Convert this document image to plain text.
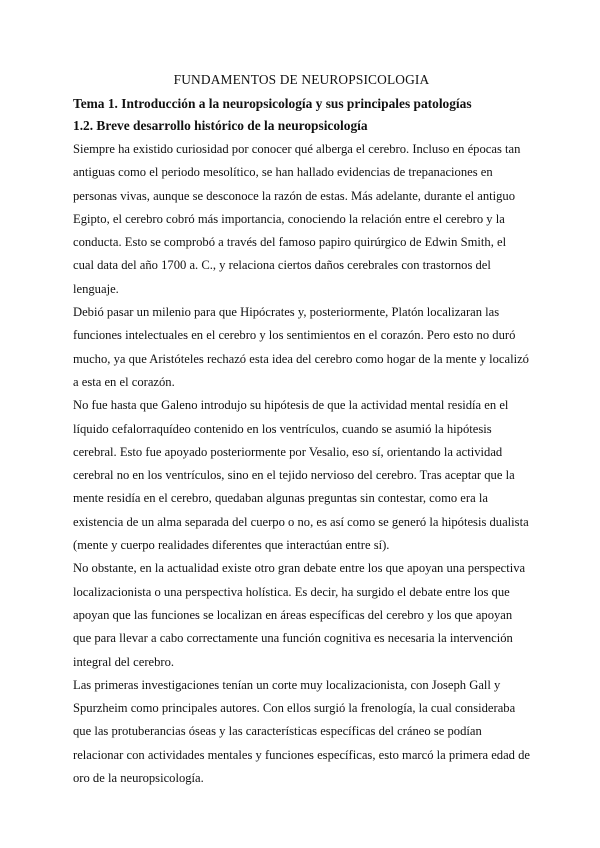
FUNDAMENTOS DE NEUROPSICOLOGIA
Tema 1. Introducción a la neuropsicología y sus principales patologías
1.2. Breve desarrollo histórico de la neuropsicología

Siempre ha existido curiosidad por conocer qué alberga el cerebro. Incluso en épocas tan antiguas como el periodo mesolítico, se han hallado evidencias de trepanaciones en personas vivas, aunque se desconoce la razón de estas. Más adelante, durante el antiguo Egipto, el cerebro cobró más importancia, conociendo la relación entre el cerebro y la conducta. Esto se comprobó a través del famoso papiro quirúrgico de Edwin Smith, el cual data del año 1700 a. C., y relaciona ciertos daños cerebrales con trastornos del lenguaje.

Debió pasar un milenio para que Hipócrates y, posteriormente, Platón localizaran las funciones intelectuales en el cerebro y los sentimientos en el corazón. Pero esto no duró mucho, ya que Aristóteles rechazó esta idea del cerebro como hogar de la mente y localizó a esta en el corazón.

No fue hasta que Galeno introdujo su hipótesis de que la actividad mental residía en el líquido cefalorraquídeo contenido en los ventrículos, cuando se asumió la hipótesis cerebral. Esto fue apoyado posteriormente por Vesalio, eso sí, orientando la actividad cerebral no en los ventrículos, sino en el tejido nervioso del cerebro. Tras aceptar que la mente residía en el cerebro, quedaban algunas preguntas sin contestar, como era la existencia de un alma separada del cuerpo o no, es así como se generó la hipótesis dualista (mente y cuerpo realidades diferentes que interactúan entre sí).

No obstante, en la actualidad existe otro gran debate entre los que apoyan una perspectiva localizacionista o una perspectiva holística. Es decir, ha surgido el debate entre los que apoyan que las funciones se localizan en áreas específicas del cerebro y los que apoyan que para llevar a cabo correctamente una función cognitiva es necesaria la intervención integral del cerebro.

Las primeras investigaciones tenían un corte muy localizacionista, con Joseph Gall y Spurzheim como principales autores. Con ellos surgió la frenología, la cual consideraba que las protuberancias óseas y las características específicas del cráneo se podían relacionar con actividades mentales y funciones específicas, esto marcó la primera edad de oro de la neuropsicología.
